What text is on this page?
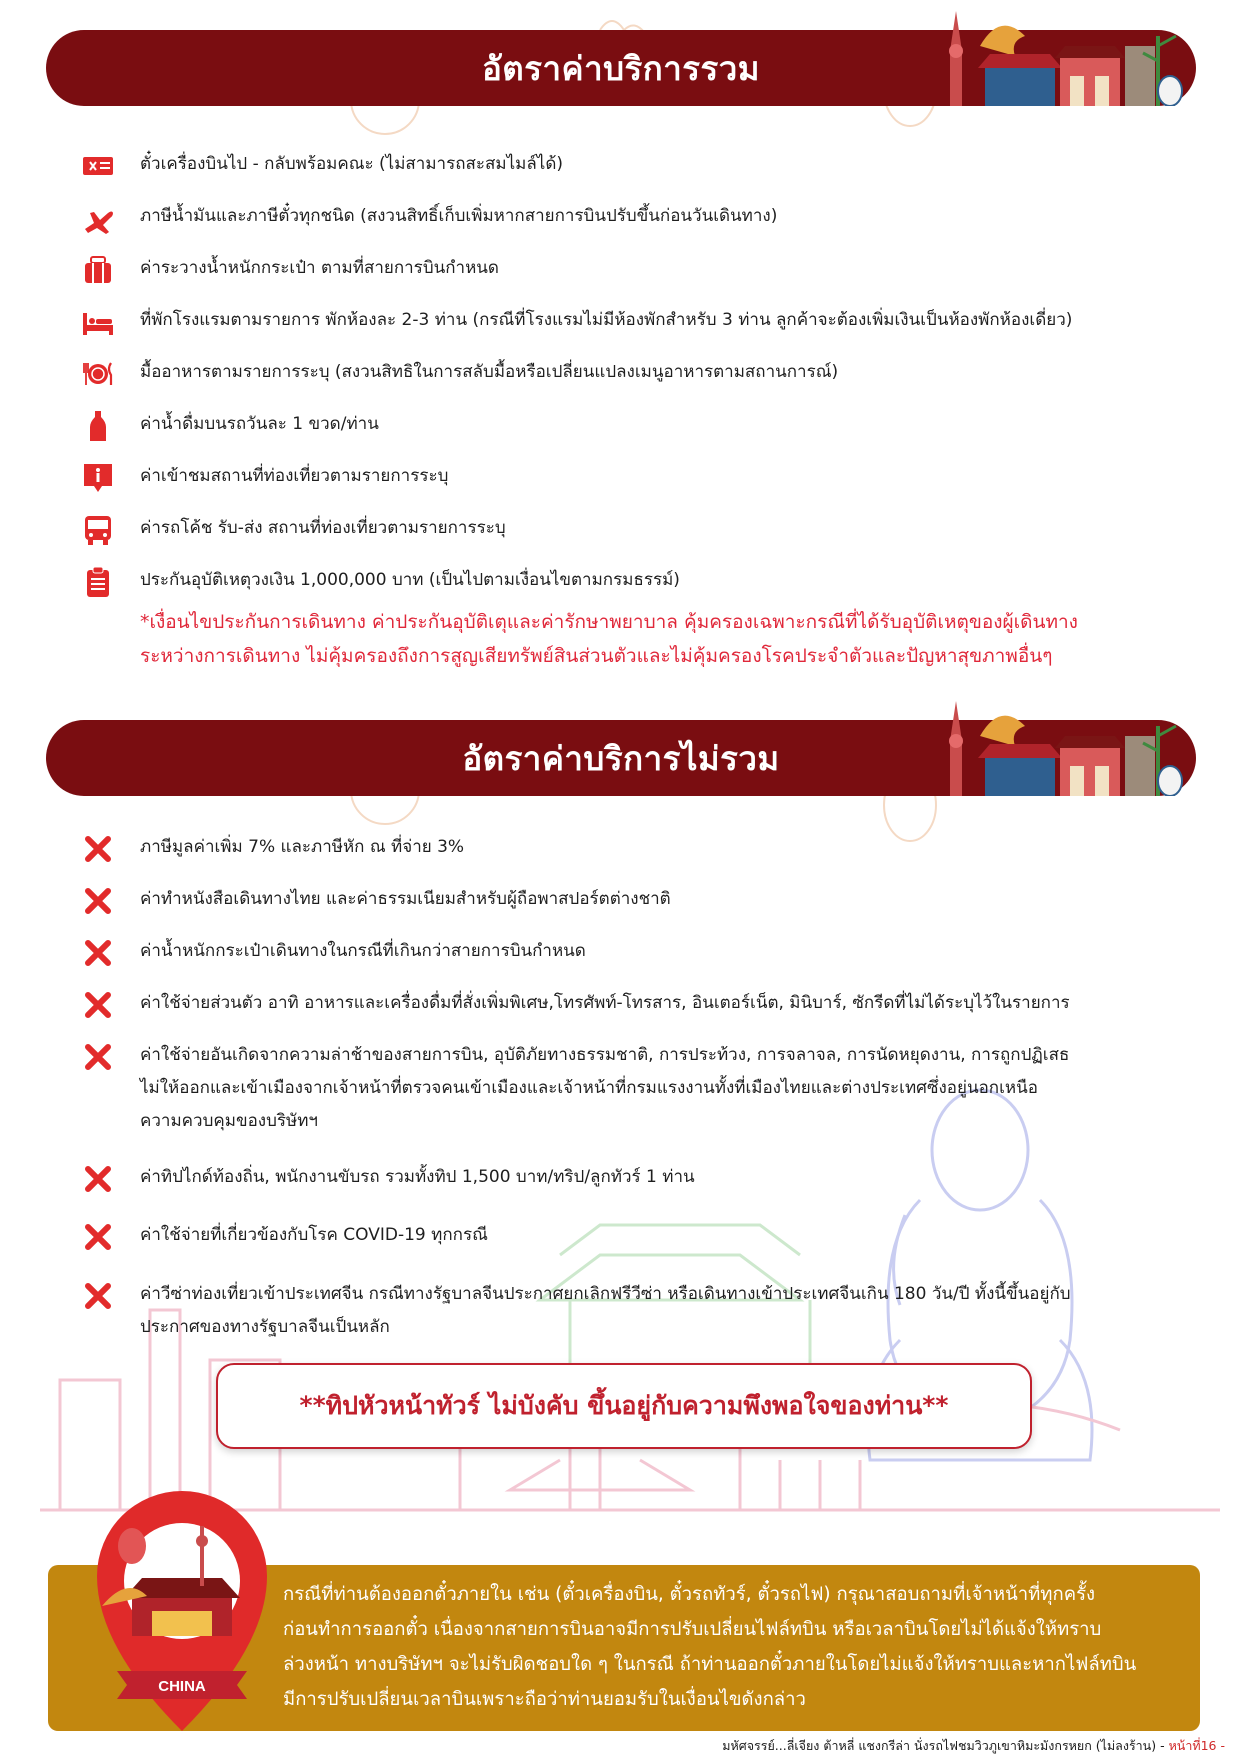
อัตราค่าบริการรวม
ตั๋วเครื่องบินไป - กลับพร้อมคณะ (ไม่สามารถสะสมไมล์ได้)
ภาษีน้ำมันและภาษีตั๋วทุกชนิด (สงวนสิทธิ์เก็บเพิ่มหากสายการบินปรับขึ้นก่อนวันเดินทาง)
ค่าระวางน้ำหนักกระเป๋า ตามที่สายการบินกำหนด
ที่พักโรงแรมตามรายการ พักห้องละ 2-3 ท่าน (กรณีที่โรงแรมไม่มีห้องพักสำหรับ 3 ท่าน ลูกค้าจะต้องเพิ่มเงินเป็นห้องพักห้องเดี่ยว)
มื้ออาหารตามรายการระบุ (สงวนสิทธิในการสลับมื้อหรือเปลี่ยนแปลงเมนูอาหารตามสถานการณ์)
ค่าน้ำดื่มบนรถวันละ 1 ขวด/ท่าน
ค่าเข้าชมสถานที่ท่องเที่ยวตามรายการระบุ
ค่ารถโค้ช รับ-ส่ง สถานที่ท่องเที่ยวตามรายการระบุ
ประกันอุบัติเหตุวงเงิน 1,000,000 บาท (เป็นไปตามเงื่อนไขตามกรมธรรม์)
*เงื่อนไขประกันการเดินทาง ค่าประกันอุบัติเตุและค่ารักษาพยาบาล คุ้มครองเฉพาะกรณีที่ได้รับอุบัติเหตุของผู้เดินทาง
ระหว่างการเดินทาง ไม่คุ้มครองถึงการสูญเสียทรัพย์สินส่วนตัวและไม่คุ้มครองโรคประจำตัวและปัญหาสุขภาพอื่นๆ
อัตราค่าบริการไม่รวม
ภาษีมูลค่าเพิ่ม 7% และภาษีหัก ณ ที่จ่าย 3%
ค่าทำหนังสือเดินทางไทย และค่าธรรมเนียมสำหรับผู้ถือพาสปอร์ตต่างชาติ
ค่าน้ำหนักกระเป๋าเดินทางในกรณีที่เกินกว่าสายการบินกำหนด
ค่าใช้จ่ายส่วนตัว อาทิ อาหารและเครื่องดื่มที่สั่งเพิ่มพิเศษ,โทรศัพท์-โทรสาร, อินเตอร์เน็ต, มินิบาร์, ซักรีดที่ไม่ได้ระบุไว้ในรายการ
ค่าใช้จ่ายอันเกิดจากความล่าช้าของสายการบิน, อุบัติภัยทางธรรมชาติ, การประท้วง, การจลาจล, การนัดหยุดงาน, การถูกปฏิเสธ
ไม่ให้ออกและเข้าเมืองจากเจ้าหน้าที่ตรวจคนเข้าเมืองและเจ้าหน้าที่กรมแรงงานทั้งที่เมืองไทยและต่างประเทศซึ่งอยู่นอกเหนือ
ความควบคุมของบริษัทฯ
ค่าทิปไกด์ท้องถิ่น, พนักงานขับรถ รวมทั้งทิป 1,500 บาท/ทริป/ลูกทัวร์ 1 ท่าน
ค่าใช้จ่ายที่เกี่ยวข้องกับโรค COVID-19 ทุกกรณี
ค่าวีซ่าท่องเที่ยวเข้าประเทศจีน กรณีทางรัฐบาลจีนประกาศยกเลิกฟรีวีซ่า หรือเดินทางเข้าประเทศจีนเกิน 180 วัน/ปี ทั้งนี้ขึ้นอยู่กับ
ประกาศของทางรัฐบาลจีนเป็นหลัก
**ทิปหัวหน้าทัวร์ ไม่บังคับ ขึ้นอยู่กับความพึงพอใจของท่าน**
กรณีที่ท่านต้องออกตั๋วภายใน เช่น (ตั๋วเครื่องบิน, ตั๋วรถทัวร์, ตั๋วรถไฟ) กรุณาสอบถามที่เจ้าหน้าที่ทุกครั้ง
ก่อนทำการออกตั๋ว เนื่องจากสายการบินอาจมีการปรับเปลี่ยนไฟล์ทบิน หรือเวลาบินโดยไม่ได้แจ้งให้ทราบ
ล่วงหน้า ทางบริษัทฯ จะไม่รับผิดชอบใด ๆ ในกรณี ถ้าท่านออกตั๋วภายในโดยไม่แจ้งให้ทราบและหากไฟล์ทบิน
มีการปรับเปลี่ยนเวลาบินเพราะถือว่าท่านยอมรับในเงื่อนไขดังกล่าว
CHINA
มหัศจรรย์...ลี่เจียง ต้าหลี่ แชงกรีล่า นั่งรถไฟชมวิวภูเขาหิมะมังกรหยก (ไม่ลงร้าน) - หน้าที่16 -
